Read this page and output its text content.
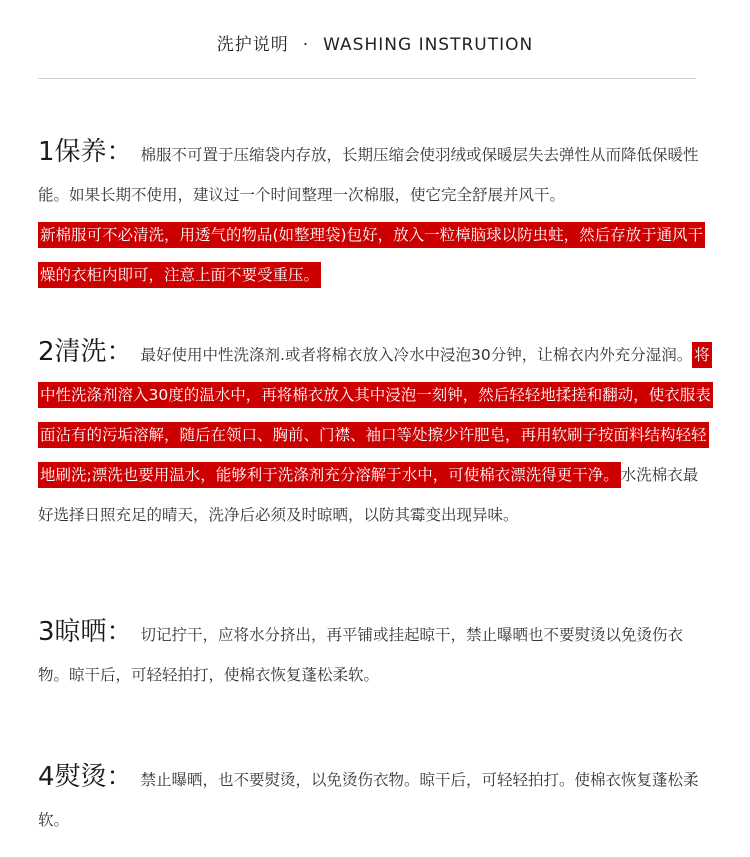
洗护说明 · WASHING INSTRUTION
1保养： 棉服不可置于压缩袋内存放，长期压缩会使羽绒或保暖层失去弹性从而降低保暖性能。如果长期不使用，建议过一个时间整理一次棉服，使它完全舒展并风干。
新棉服可不必清洗，用透气的物品(如整理袋)包好，放入一粒樟脑球以防虫蛀，然后存放于通风干燥的衣柜内即可，注意上面不要受重压。
2清洗： 最好使用中性洗涤剂.或者将棉衣放入冷水中浸泡30分钟，让棉衣内外充分湿润。 将中性洗涤剂溶入30度的温水中，再将棉衣放入其中浸泡一刻钟，然后轻轻地揉搓和翻动，使衣服表面沾有的污垢溶解，随后在领口、胸前、门襟、袖口等处擦少许肥皂，再用软刷子按面料结构轻轻地刷洗;漂洗也要用温水，能够利于洗涤剂充分溶解于水中，可使棉衣漂洗得更干净。 水洗棉衣最好选择日照充足的晴天，洗净后必须及时晾晒，以防其霉变出现异味。
3晾晒： 切记拧干，应将水分挤出，再平铺或挂起晾干，禁止曝晒也不要熨烫以免烫伤衣物。晾干后，可轻轻拍打，使棉衣恢复蓬松柔软。
4熨烫： 禁止曝晒，也不要熨烫，以免烫伤衣物。晾干后，可轻轻拍打。使棉衣恢复蓬松柔软。
